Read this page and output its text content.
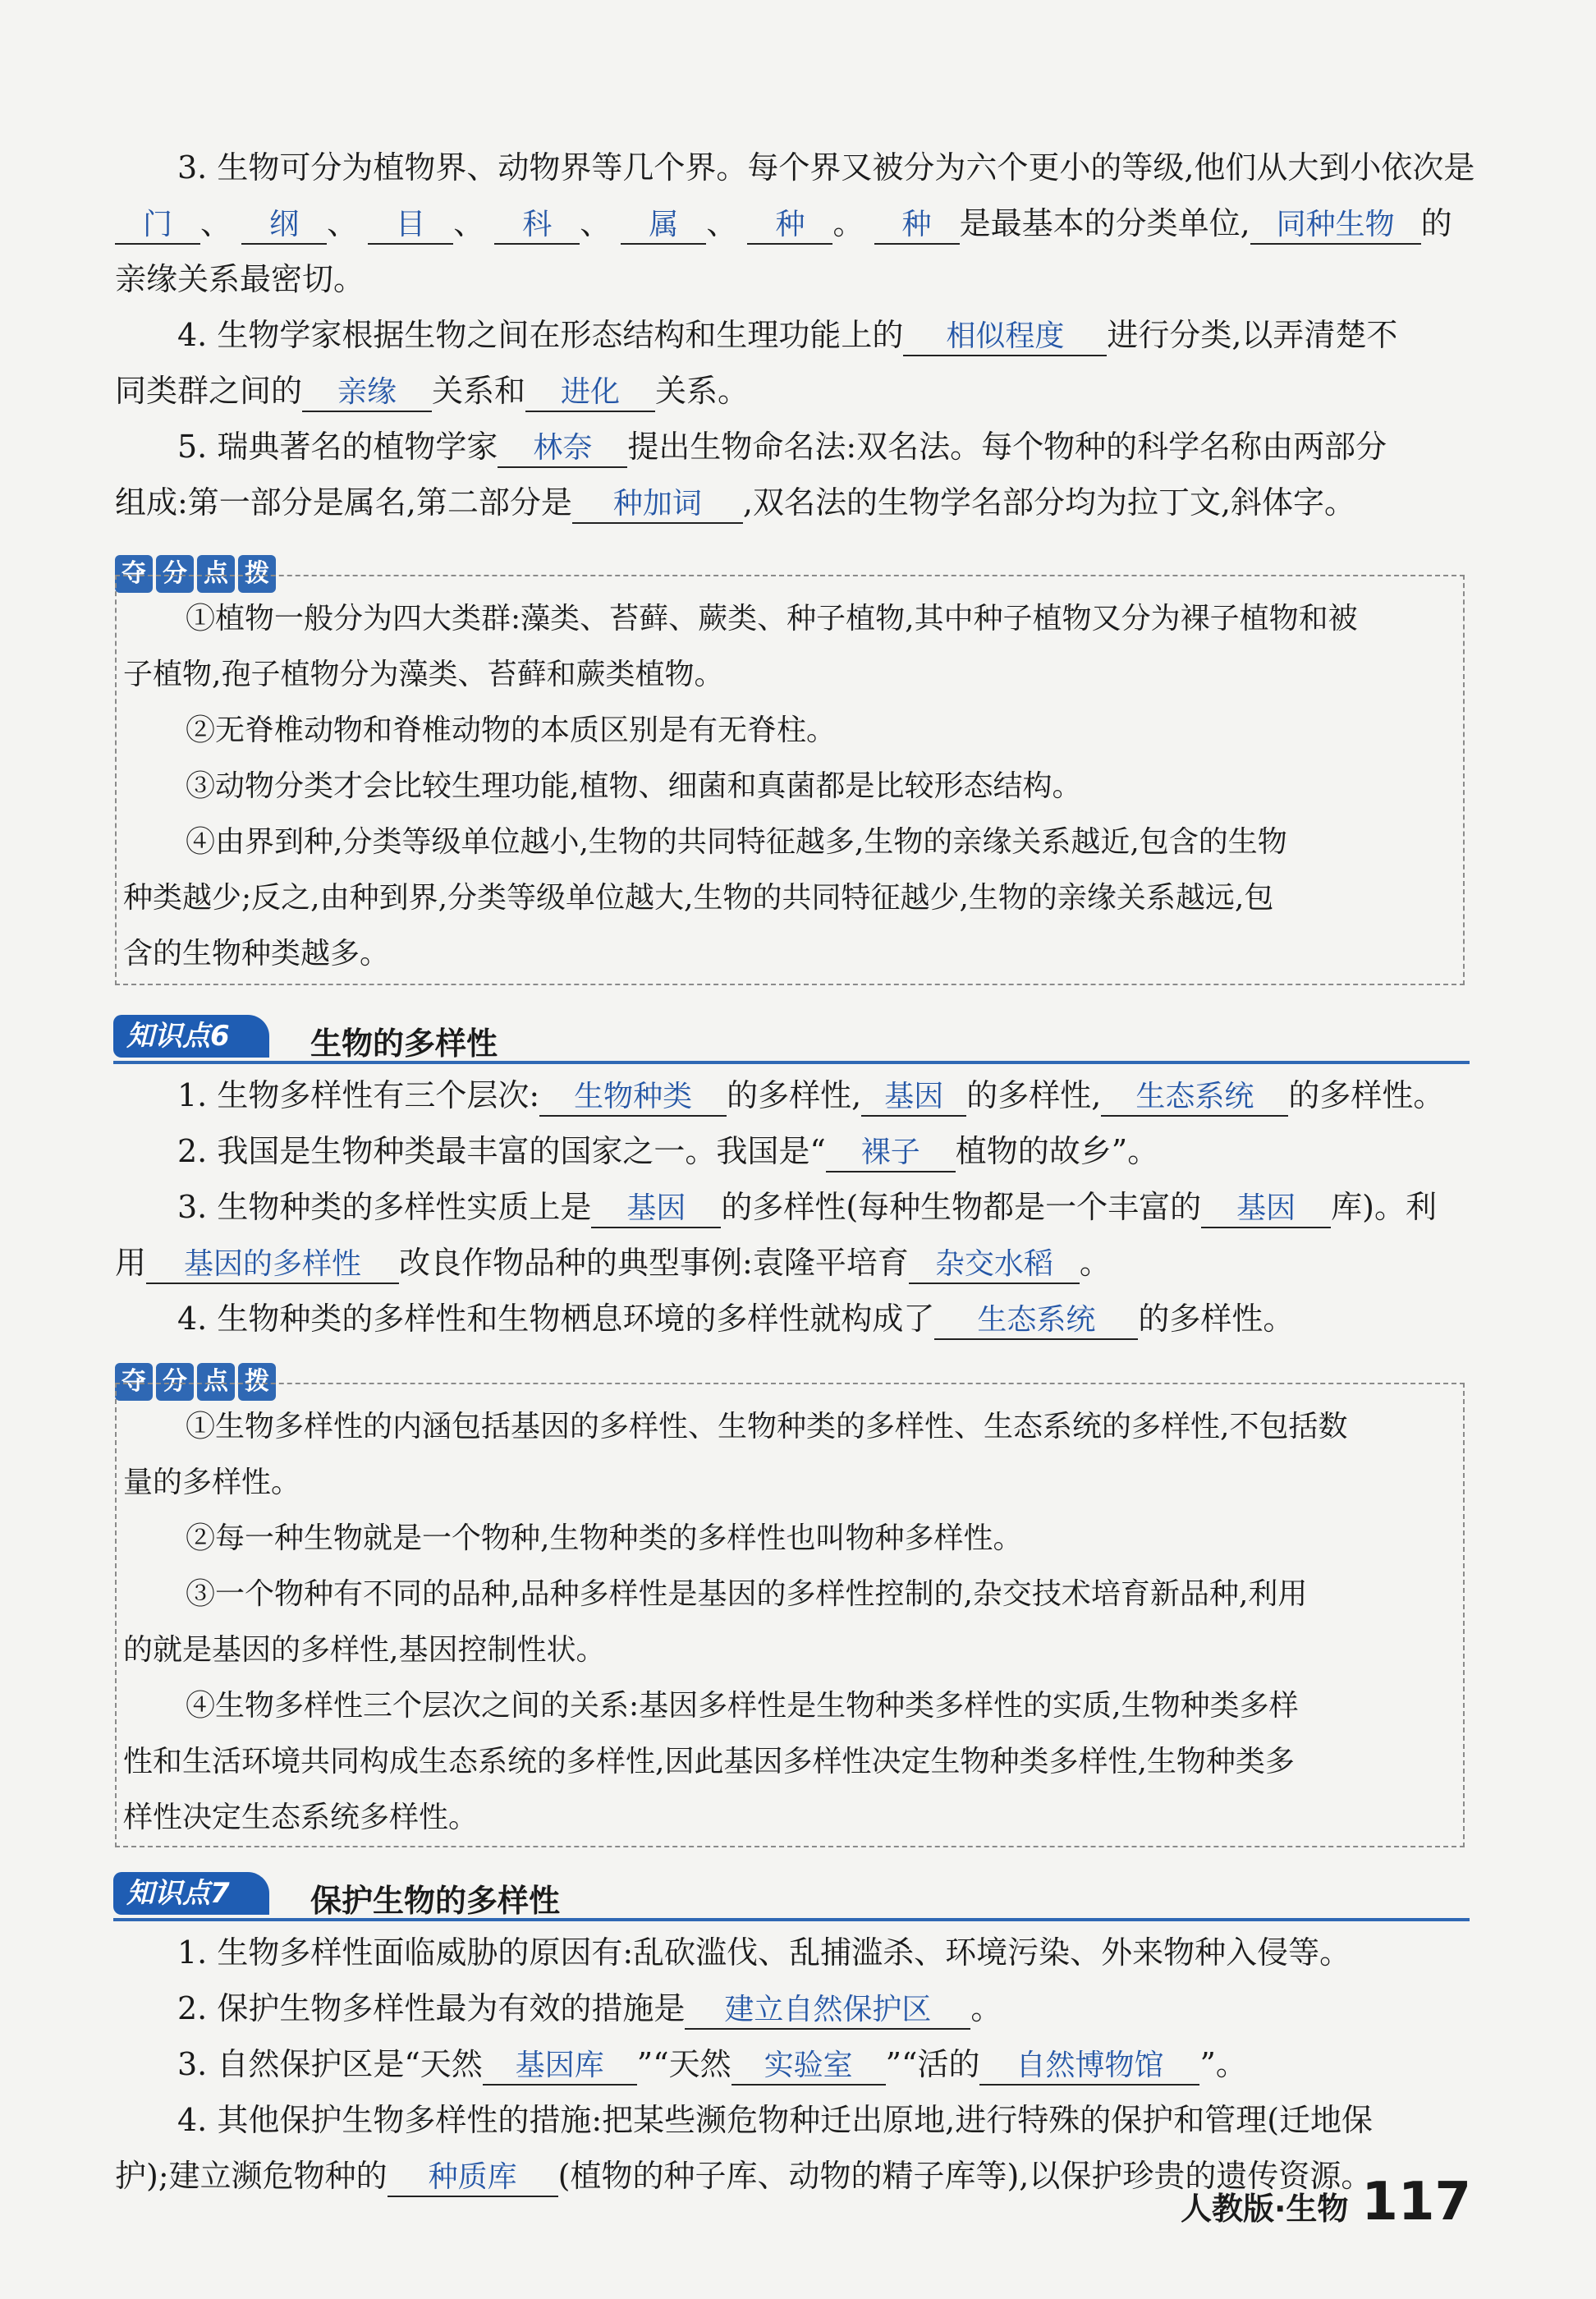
3. 生物可分为植物界、动物界等几个界。每个界又被分为六个更小的等级,他们从大到小依次是

门 、 纲 、 目 、 科 、 属 、 种 。 种 是最基本的分类单位, 同种生物 的

亲缘关系最密切。

4. 生物学家根据生物之间在形态结构和生理功能上的 相似程度 进行分类,以弄清楚不

同类群之间的 亲缘 关系和 进化 关系。

5. 瑞典著名的植物学家 林奈 提出生物命名法:双名法。每个物种的科学名称由两部分

组成:第一部分是属名,第二部分是 种加词 ,双名法的生物学名部分均为拉丁文,斜体字。

夺 分 点 拨

①植物一般分为四大类群:藻类、苔藓、蕨类、种子植物,其中种子植物又分为裸子植物和被

子植物,孢子植物分为藻类、苔藓和蕨类植物。

②无脊椎动物和脊椎动物的本质区别是有无脊柱。

③动物分类才会比较生理功能,植物、细菌和真菌都是比较形态结构。

④由界到种,分类等级单位越小,生物的共同特征越多,生物的亲缘关系越近,包含的生物

种类越少;反之,由种到界,分类等级单位越大,生物的共同特征越少,生物的亲缘关系越远,包

含的生物种类越多。

知识点6	生物的多样性

1. 生物多样性有三个层次: 生物种类 的多样性, 基因 的多样性, 生态系统 的多样性。

2. 我国是生物种类最丰富的国家之一。我国是“ 裸子 植物的故乡”。

3. 生物种类的多样性实质上是 基因 的多样性(每种生物都是一个丰富的 基因 库)。利

用 基因的多样性 改良作物品种的典型事例:袁隆平培育 杂交水稻 。

4. 生物种类的多样性和生物栖息环境的多样性就构成了 生态系统 的多样性。

夺 分 点 拨

①生物多样性的内涵包括基因的多样性、生物种类的多样性、生态系统的多样性,不包括数

量的多样性。

②每一种生物就是一个物种,生物种类的多样性也叫物种多样性。

③一个物种有不同的品种,品种多样性是基因的多样性控制的,杂交技术培育新品种,利用

的就是基因的多样性,基因控制性状。

④生物多样性三个层次之间的关系:基因多样性是生物种类多样性的实质,生物种类多样

性和生活环境共同构成生态系统的多样性,因此基因多样性决定生物种类多样性,生物种类多

样性决定生态系统多样性。

知识点7	保护生物的多样性

1. 生物多样性面临威胁的原因有:乱砍滥伐、乱捕滥杀、环境污染、外来物种入侵等。

2. 保护生物多样性最为有效的措施是 建立自然保护区 。

3. 自然保护区是“天然 基因库 ”“天然 实验室 ”“活的 自然博物馆 ”。

4. 其他保护生物多样性的措施:把某些濒危物种迁出原地,进行特殊的保护和管理(迁地保

护);建立濒危物种的 种质库 (植物的种子库、动物的精子库等),以保护珍贵的遗传资源。

人教版·生物 117
